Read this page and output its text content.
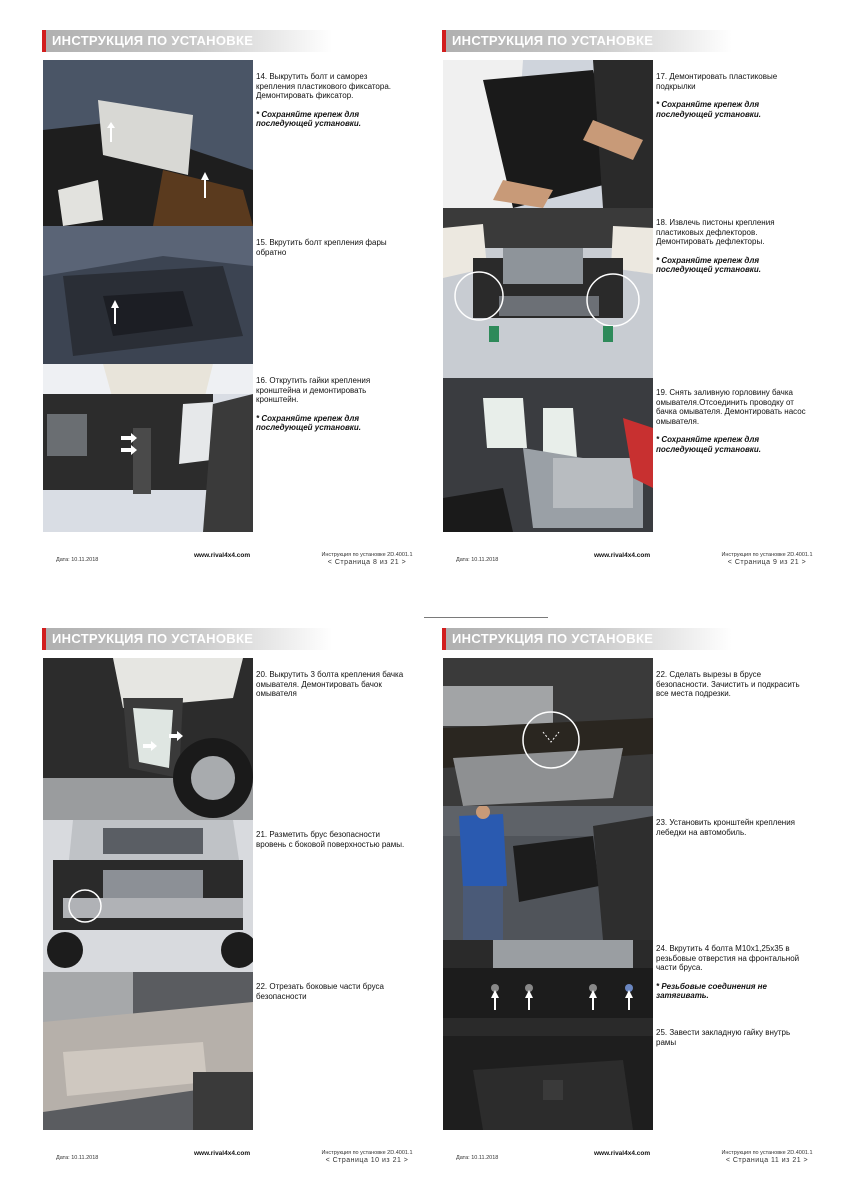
ИНСТРУКЦИЯ ПО УСТАНОВКЕ
14. Выкрутить болт и саморез крепления пластикового фиксатора. Демонтировать фиксатор.
* Сохраняйте крепеж для последующей установки.
15. Вкрутить болт крепления фары обратно
16. Открутить гайки крепления кронштейна и демонтировать кронштейн.
* Сохраняйте крепеж для последующей установки.
Дата: 10.11.2018
www.rival4x4.com	Инструкция по установке 2D.4001.1
< Страница 8 из 21 >
ИНСТРУКЦИЯ ПО УСТАНОВКЕ
17. Демонтировать пластиковые подкрылки
* Сохраняйте крепеж для последующей установки.
18. Извлечь пистоны крепления пластиковых дефлекторов. Демонтировать дефлекторы.
* Сохраняйте крепеж для последующей установки.
19. Снять заливную горловину бачка омывателя.Отсоединить проводку от бачка омывателя. Демонтировать насос омывателя.
* Сохраняйте крепеж для последующей установки.
Дата: 10.11.2018
www.rival4x4.com	Инструкция по установке 2D.4001.1
< Страница 9 из 21 >
ИНСТРУКЦИЯ ПО УСТАНОВКЕ
20. Выкрутить 3 болта крепления бачка омывателя. Демонтировать бачок омывателя
21. Разметить брус безопасности вровень с боковой поверхностью рамы.
22. Отрезать боковые части бруса безопасности
Дата: 10.11.2018
www.rival4x4.com	Инструкция по установке 2D.4001.1
< Страница 10 из 21 >
ИНСТРУКЦИЯ ПО УСТАНОВКЕ
22. Сделать вырезы в брусе безопасности. Зачистить и подкрасить все места подрезки.
23. Установить кронштейн крепления лебедки на автомобиль.
24. Вкрутить 4 болта М10х1,25х35 в резьбовые отверстия на фронтальной части бруса.
* Резьбовые соединения не затягивать.
25. Завести закладную гайку внутрь рамы
Дата: 10.11.2018
www.rival4x4.com	Инструкция по установке 2D.4001.1
< Страница 11 из 21 >
